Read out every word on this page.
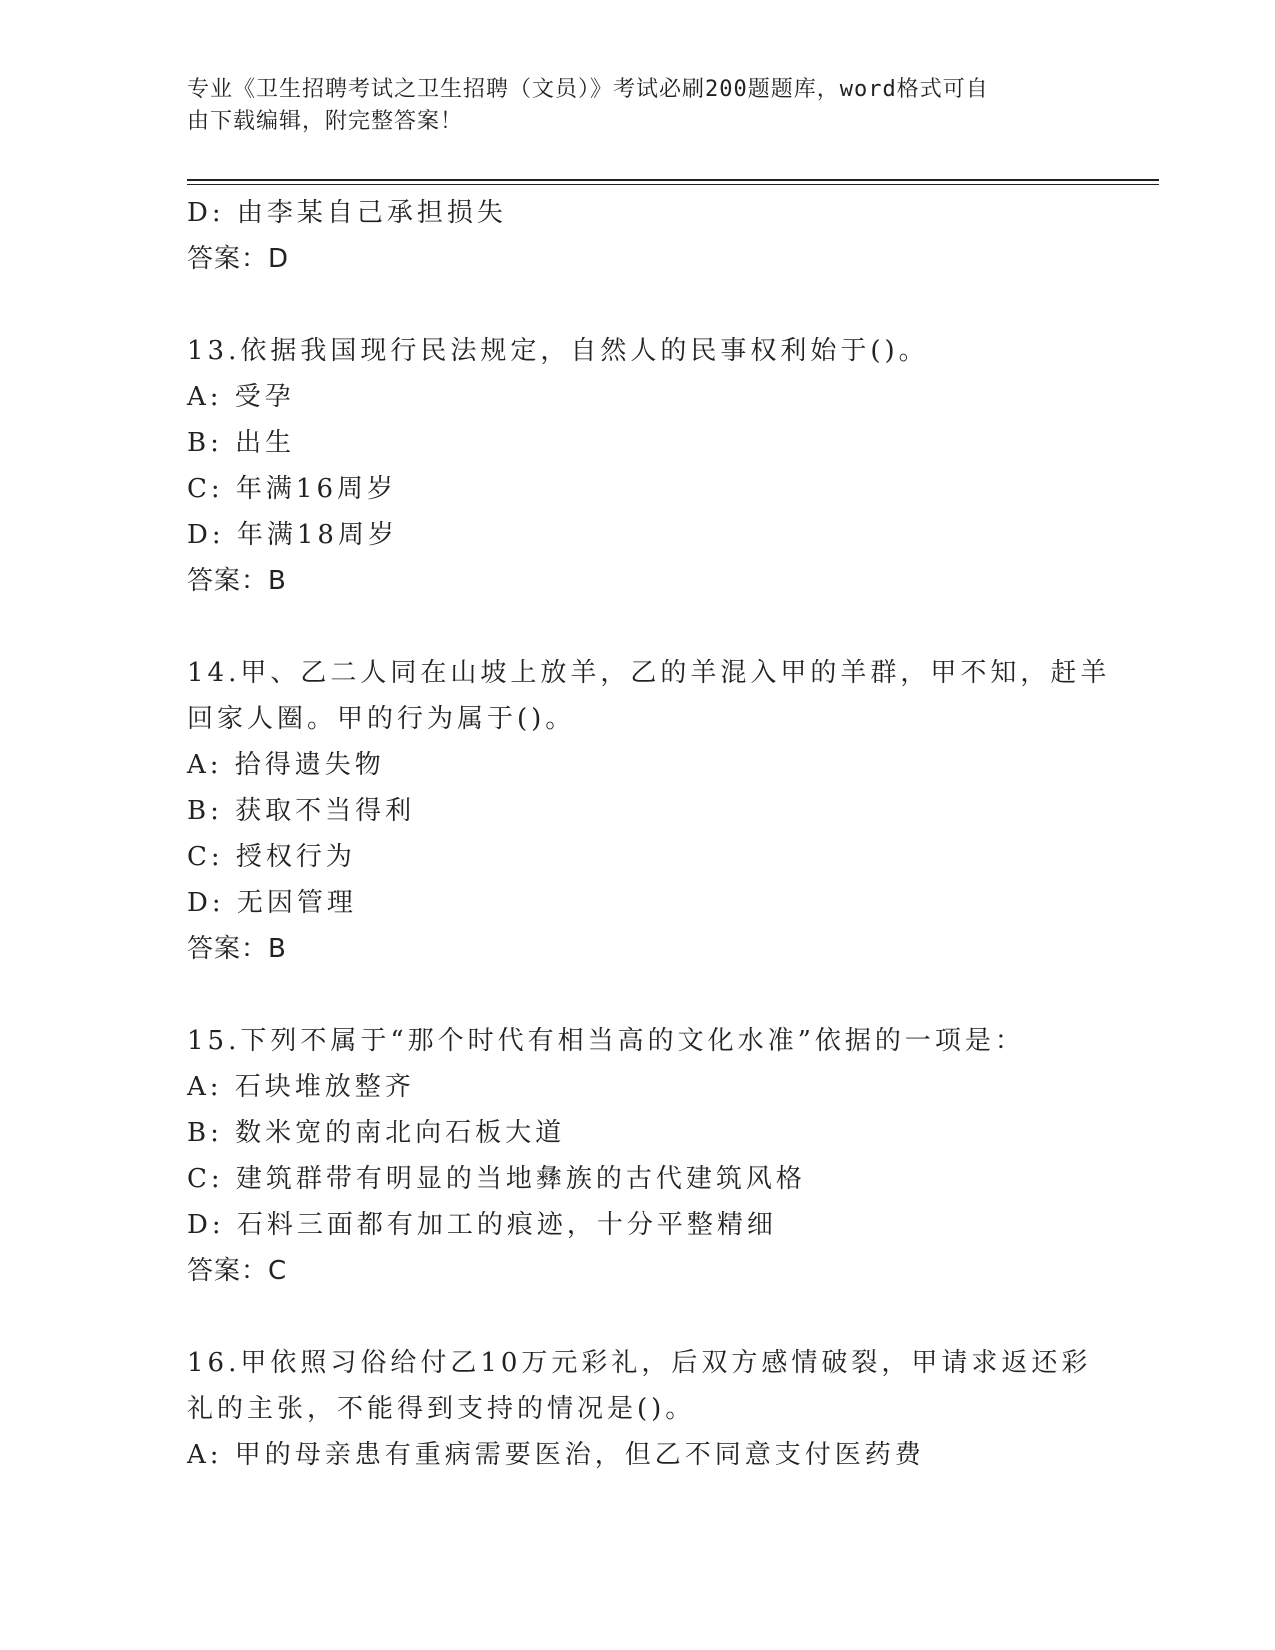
专业《卫生招聘考试之卫生招聘（文员）》考试必刷200题题库，word格式可自
由下载编辑，附完整答案！
D: 由李某自己承担损失
答案：D
13.依据我国现行民法规定，自然人的民事权利始于()。
A: 受孕
B: 出生
C: 年满16周岁
D: 年满18周岁
答案：B
14.甲、乙二人同在山坡上放羊，乙的羊混入甲的羊群，甲不知，赶羊
回家人圈。甲的行为属于()。
A: 拾得遗失物
B: 获取不当得利
C: 授权行为
D: 无因管理
答案：B
15.下列不属于“那个时代有相当高的文化水准”依据的一项是：
A: 石块堆放整齐
B: 数米宽的南北向石板大道
C: 建筑群带有明显的当地彝族的古代建筑风格
D: 石料三面都有加工的痕迹，十分平整精细
答案：C
16.甲依照习俗给付乙10万元彩礼，后双方感情破裂，甲请求返还彩
礼的主张，不能得到支持的情况是()。
A: 甲的母亲患有重病需要医治，但乙不同意支付医药费
